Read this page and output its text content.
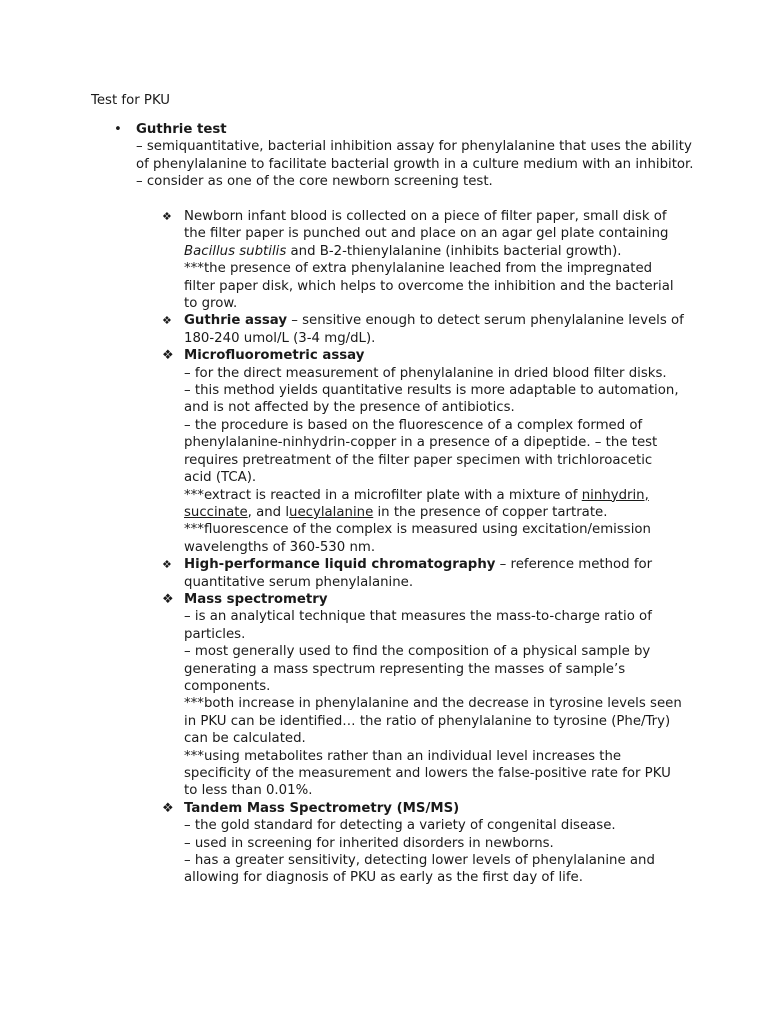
Test for PKU
• Guthrie test

– semiquantitative, bacterial inhibition assay for phenylalanine that uses the ability of phenylalanine to facilitate bacterial growth in a culture medium with an inhibitor.

– consider as one of the core newborn screening test.

❖ Newborn infant blood is collected on a piece of filter paper, small disk of the filter paper is punched out and place on an agar gel plate containing Bacillus subtilis and B-2-thienylalanine (inhibits bacterial growth).

***the presence of extra phenylalanine leached from the impregnated filter paper disk, which helps to overcome the inhibition and the bacterial to grow.

❖ Guthrie assay – sensitive enough to detect serum phenylalanine levels of 180-240 umol/L (3-4 mg/dL).

❖ Microfluorometric assay

– for the direct measurement of phenylalanine in dried blood filter disks.

– this method yields quantitative results is more adaptable to automation, and is not affected by the presence of antibiotics.

– the procedure is based on the fluorescence of a complex formed of phenylalanine-ninhydrin-copper in a presence of a dipeptide. – the test requires pretreatment of the filter paper specimen with trichloroacetic acid (TCA).

***extract is reacted in a microfilter plate with a mixture of ninhydrin, succinate, and luecylalanine in the presence of copper tartrate.

***fluorescence of the complex is measured using excitation/emission wavelengths of 360-530 nm.

❖ High-performance liquid chromatography – reference method for quantitative serum phenylalanine.

❖ Mass spectrometry

– is an analytical technique that measures the mass-to-charge ratio of particles.

– most generally used to find the composition of a physical sample by generating a mass spectrum representing the masses of sample’s components.

***both increase in phenylalanine and the decrease in tyrosine levels seen in PKU can be identified… the ratio of phenylalanine to tyrosine (Phe/Try) can be calculated.

***using metabolites rather than an individual level increases the specificity of the measurement and lowers the false-positive rate for PKU to less than 0.01%.

❖ Tandem Mass Spectrometry (MS/MS)

– the gold standard for detecting a variety of congenital disease.

– used in screening for inherited disorders in newborns.

– has a greater sensitivity, detecting lower levels of phenylalanine and allowing for diagnosis of PKU as early as the first day of life.
